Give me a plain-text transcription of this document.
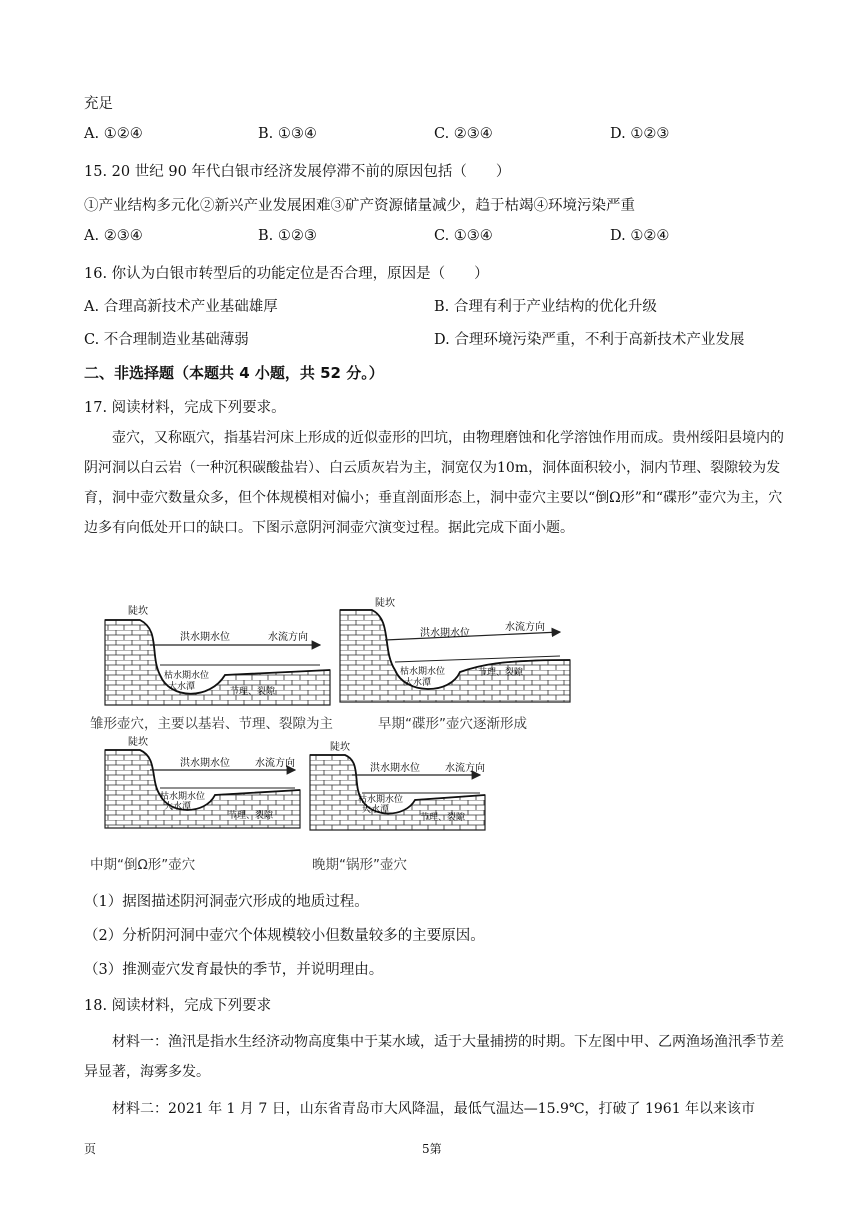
充足
A. ①②④	B. ①③④	C. ②③④	D. ①②③
15. 20 世纪 90 年代白银市经济发展停滞不前的原因包括（　　）
①产业结构多元化②新兴产业发展困难③矿产资源储量减少，趋于枯竭④环境污染严重
A. ②③④	B. ①②③	C. ①③④	D. ①②④
16. 你认为白银市转型后的功能定位是否合理，原因是（　　）
A. 合理高新技术产业基础雄厚	B. 合理有利于产业结构的优化升级
C. 不合理制造业基础薄弱	D. 合理环境污染严重，不利于高新技术产业发展
二、非选择题（本题共 4 小题，共 52 分。）
17. 阅读材料，完成下列要求。
壶穴，又称瓯穴，指基岩河床上形成的近似壶形的凹坑，由物理磨蚀和化学溶蚀作用而成。贵州绥阳县境内的阴河洞以白云岩（一种沉积碳酸盐岩）、白云质灰岩为主，洞宽仅为10m，洞体面积较小，洞内节理、裂隙较为发育，洞中壶穴数量众多，但个体规模相对偏小；垂直剖面形态上，洞中壶穴主要以“倒Ω形”和“碟形”壶穴为主，穴边多有向低处开口的缺口。下图示意阴河洞壶穴演变过程。据此完成下面小题。
陡坎
洪水期水位	水流方向
枯水期水位
大水潭	节理、裂隙
陡坎
洪水期水位
水流方向
枯水期水位
大水潭
节理、裂隙
陡坎
洪水期水位	水流方向
枯水期水位
大水潭
节理、裂隙
陡坎
洪水期水位	水流方向
枯水期水位
大水潭
节理、裂隙
雏形壶穴，主要以基岩、节理、裂隙为主	早期“碟形”壶穴逐渐形成
中期“倒Ω形”壶穴	晚期“锅形”壶穴
（1）据图描述阴河洞壶穴形成的地质过程。
（2）分析阴河洞中壶穴个体规模较小但数量较多的主要原因。
（3）推测壶穴发育最快的季节，并说明理由。
18. 阅读材料，完成下列要求
材料一：渔汛是指水生经济动物高度集中于某水域，适于大量捕捞的时期。下左图中甲、乙两渔场渔汛季节差异显著，海雾多发。
材料二：2021 年 1 月 7 日，山东省青岛市大风降温，最低气温达—15.9℃，打破了 1961 年以来该市
页	5第
